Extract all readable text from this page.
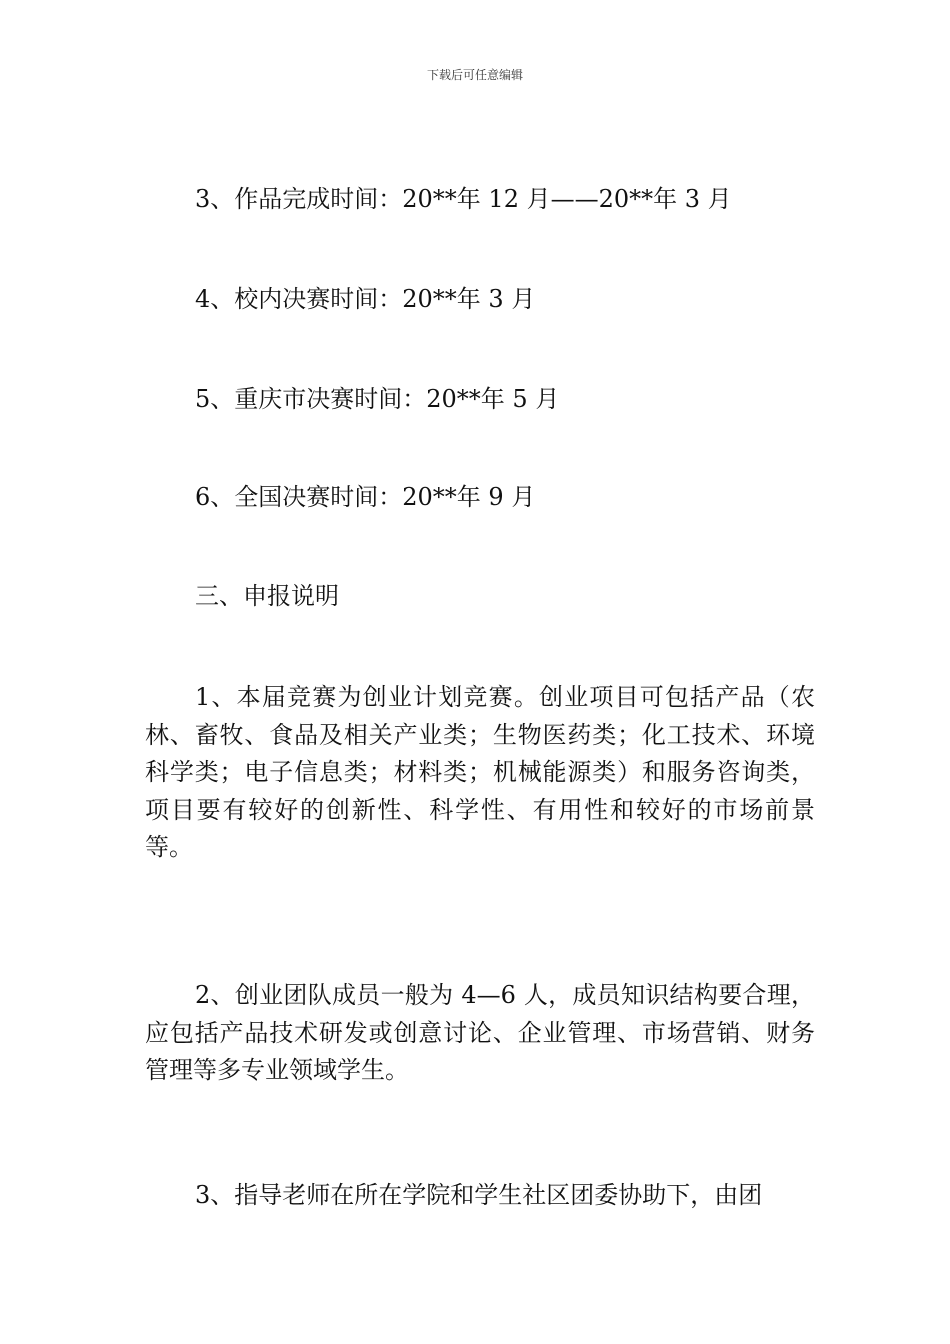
下载后可任意编辑
3、作品完成时间：20**年 12 月——20**年 3 月
4、校内决赛时间：20**年 3 月
5、重庆市决赛时间：20**年 5 月
6、全国决赛时间：20**年 9 月
三、申报说明
1、本届竞赛为创业计划竞赛。创业项目可包括产品（农林、畜牧、食品及相关产业类；生物医药类；化工技术、环境科学类；电子信息类；材料类；机械能源类）和服务咨询类，项目要有较好的创新性、科学性、有用性和较好的市场前景等。
2、创业团队成员一般为 4—6 人，成员知识结构要合理，应包括产品技术研发或创意讨论、企业管理、市场营销、财务管理等多专业领域学生。
3、指导老师在所在学院和学生社区团委协助下，由团
